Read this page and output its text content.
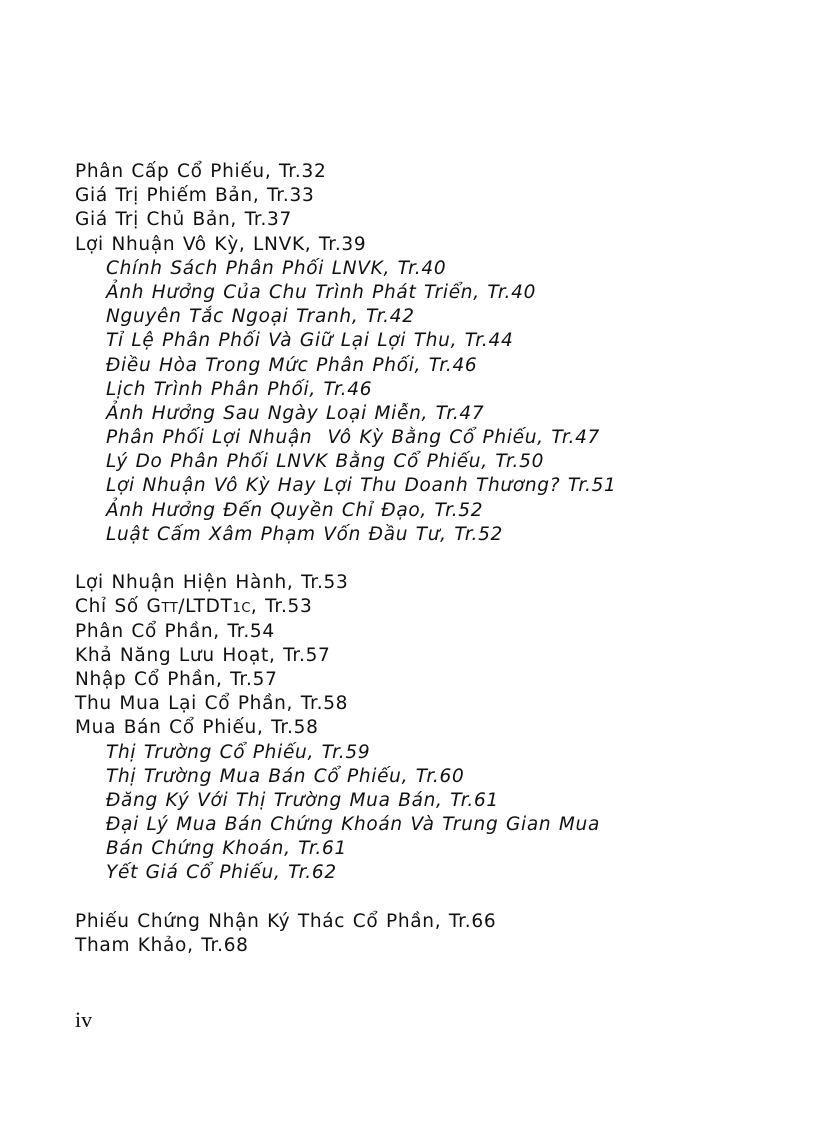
Phân Cấp Cổ Phiếu, Tr.32
Giá Trị Phiếm Bản, Tr.33
Giá Trị Chủ Bản, Tr.37
Lợi Nhuận Vô Kỳ, LNVK, Tr.39
Chính Sách Phân Phối LNVK, Tr.40
Ảnh Hưởng Của Chu Trình Phát Triển, Tr.40
Nguyên Tắc Ngoại Tranh, Tr.42
Tỉ Lệ Phân Phối Và Giữ Lại Lợi Thu, Tr.44
Điều Hòa Trong Mức Phân Phối, Tr.46
Lịch Trình Phân Phối, Tr.46
Ảnh Hưởng Sau Ngày Loại Miễn, Tr.47
Phân Phối Lợi Nhuận  Vô Kỳ Bằng Cổ Phiếu, Tr.47
Lý Do Phân Phối LNVK Bằng Cổ Phiếu, Tr.50
Lợi Nhuận Vô Kỳ Hay Lợi Thu Doanh Thương? Tr.51
Ảnh Hưởng Đến Quyền Chỉ Đạo, Tr.52
Luật Cấm Xâm Phạm Vốn Đầu Tư, Tr.52
Lợi Nhuận Hiện Hành, Tr.53
Chỉ Số GTT/LTDT1C, Tr.53
Phân Cổ Phần, Tr.54
Khả Năng Lưu Hoạt, Tr.57
Nhập Cổ Phần, Tr.57
Thu Mua Lại Cổ Phần, Tr.58
Mua Bán Cổ Phiếu, Tr.58
Thị Trường Cổ Phiếu, Tr.59
Thị Trường Mua Bán Cổ Phiếu, Tr.60
Đăng Ký Với Thị Trường Mua Bán, Tr.61
Đại Lý Mua Bán Chứng Khoán Và Trung Gian Mua
Bán Chứng Khoán, Tr.61
Yết Giá Cổ Phiếu, Tr.62
Phiếu Chứng Nhận Ký Thác Cổ Phần, Tr.66
Tham Khảo, Tr.68
iv
